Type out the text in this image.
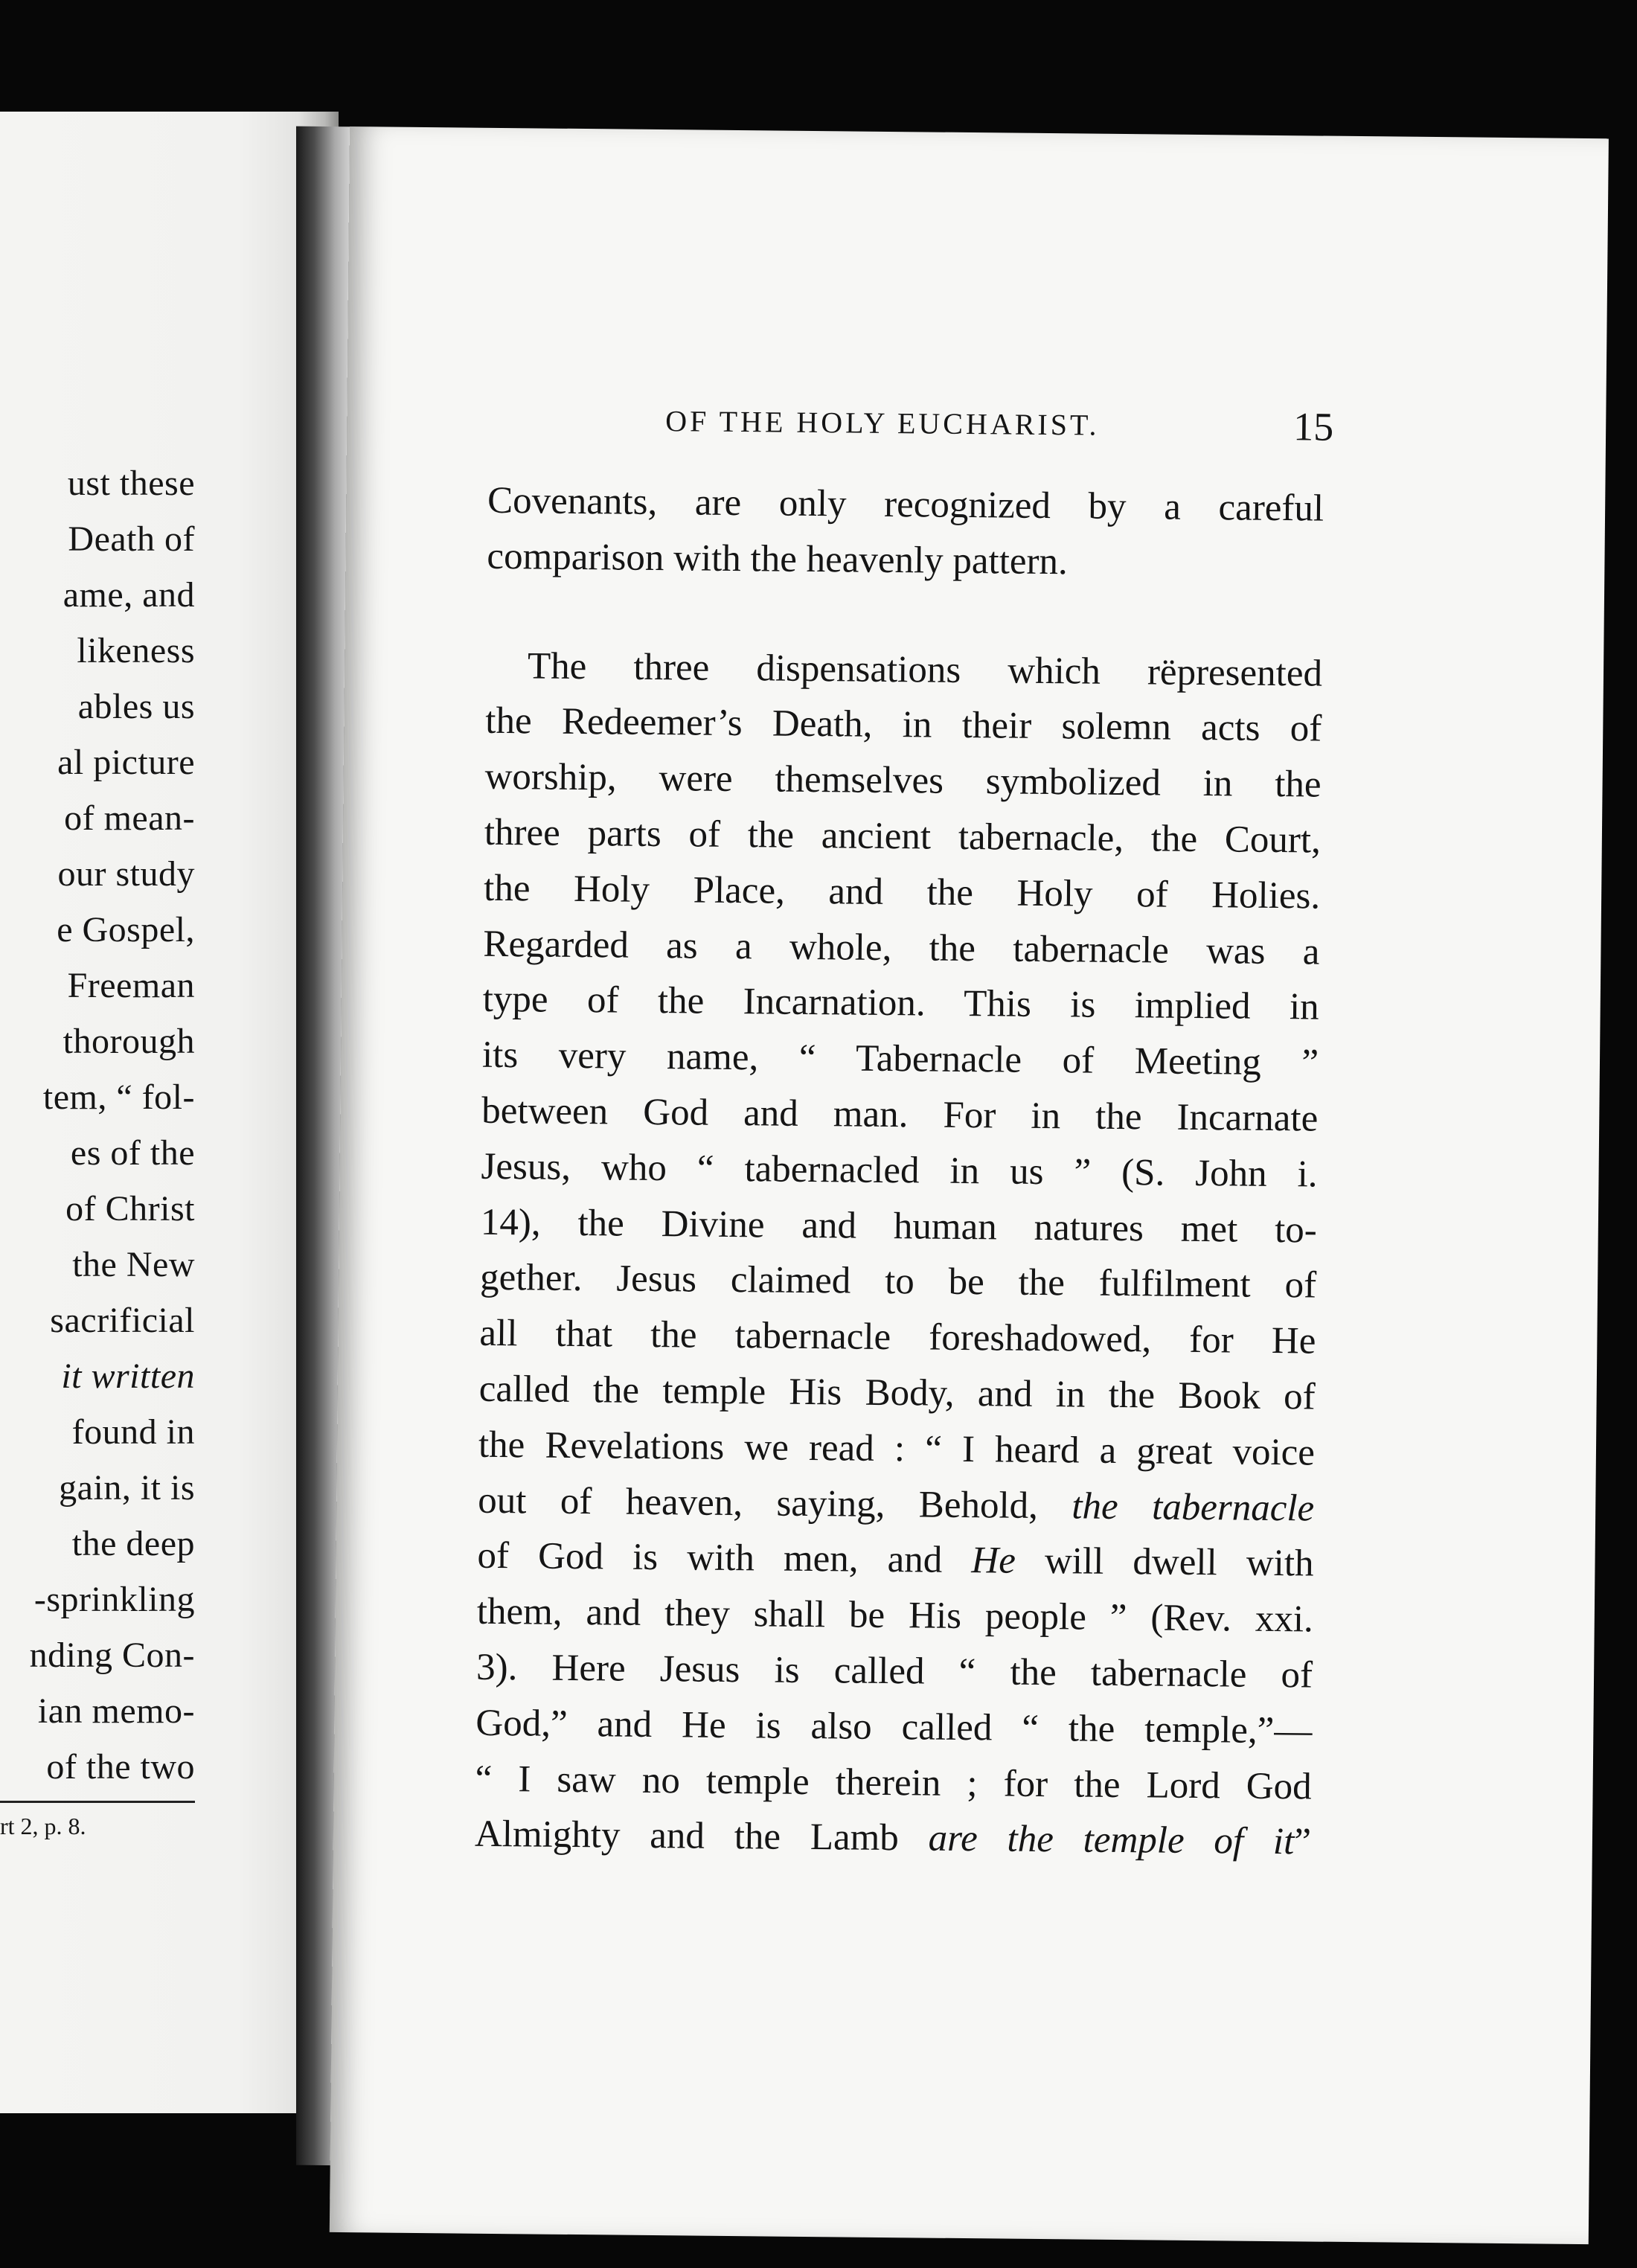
ust these
Death of
ame, and
likeness
ables us
al picture
of mean-
our study
e Gospel,
Freeman
thorough
tem, “ fol-
es of the
of Christ
the New
sacrificial
it written
found in
gain, it is
the deep
-sprinkling
nding Con-
ian memo-
of the two
rt 2, p. 8.
OF THE HOLY EUCHARIST.	15
Covenants, are only recognized by a careful
comparison with the heavenly pattern.
The three dispensations which rëpresented
the Redeemer’s Death, in their solemn acts of
worship, were themselves symbolized in the
three parts of the ancient tabernacle, the Court,
the Holy Place, and the Holy of Holies.
Regarded as a whole, the tabernacle was a
type of the Incarnation. This is implied in
its very name, “ Tabernacle of Meeting ”
between God and man. For in the Incarnate
Jesus, who “ tabernacled in us ” (S. John i.
14), the Divine and human natures met to-
gether. Jesus claimed to be the fulfilment of
all that the tabernacle foreshadowed, for He
called the temple His Body, and in the Book of
the Revelations we read : “ I heard a great voice
out of heaven, saying, Behold, the tabernacle
of God is with men, and He will dwell with
them, and they shall be His people ” (Rev. xxi.
3). Here Jesus is called “ the tabernacle of
God,” and He is also called “ the temple,”—
“ I saw no temple therein ; for the Lord God
Almighty and the Lamb are the temple of it”
